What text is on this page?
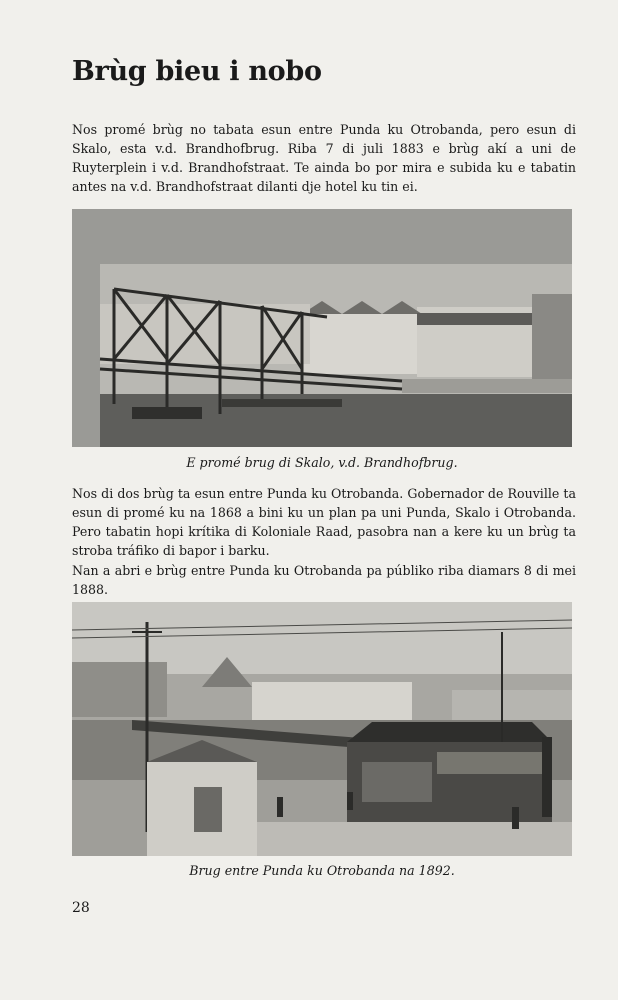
Brùg bieu i nobo

Nos promé brùg no tabata esun entre Punda ku Otrobanda, pero esun di Skalo, esta v.d. Brandhofbrug. Riba 7 di juli 1883 e brùg akí a uni de Ruyterplein i v.d. Brandhofstraat. Te ainda bo por mira e subida ku e tabatin antes na v.d. Brandhofstraat dilanti dje hotel ku tin ei.

E promé brug di Skalo, v.d. Brandhofbrug.

Nos di dos brùg ta esun entre Punda ku Otrobanda. Gobernador de Rouville ta esun di promé ku na 1868 a bini ku un plan pa uni Punda, Skalo i Otrobanda. Pero tabatin hopi krítika di Koloniale Raad, pasobra nan a kere ku un brùg ta stroba tráfiko di bapor i barku.

Nan a abri e brùg entre Punda ku Otrobanda pa públiko riba diamars 8 di mei 1888.

Brug entre Punda ku Otrobanda na 1892.

28
